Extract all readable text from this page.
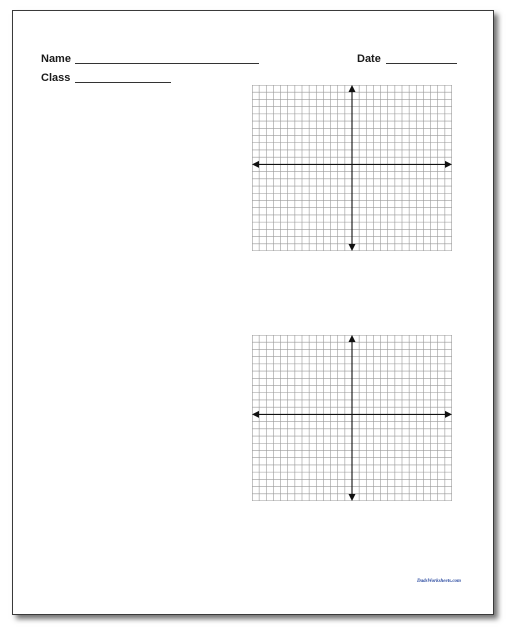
Name	Date
Class
DadsWorksheets.com
